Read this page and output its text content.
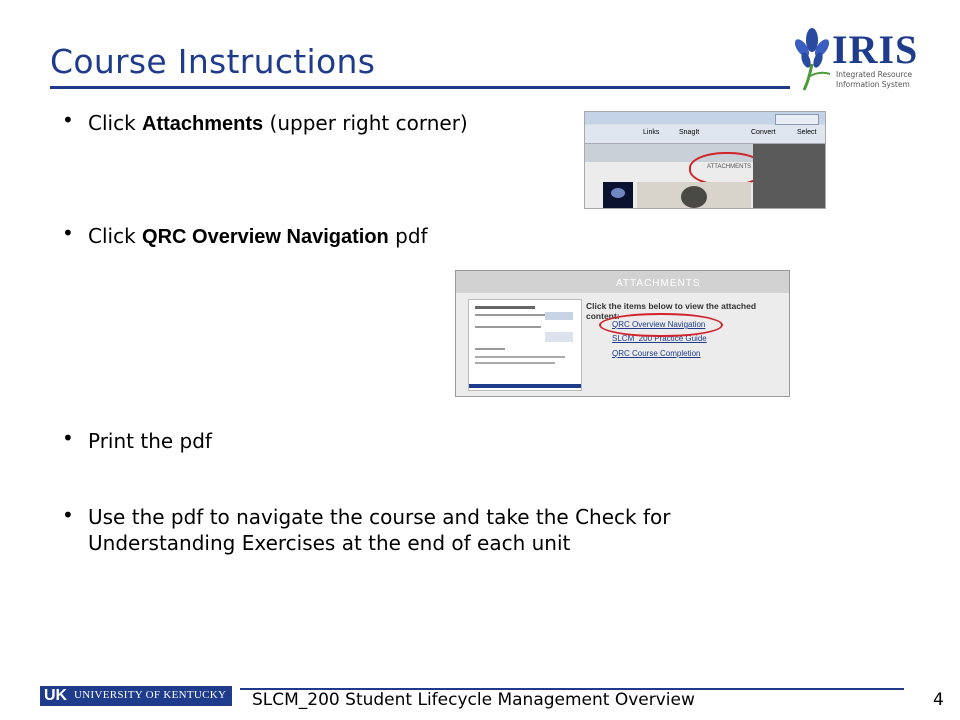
Course Instructions	IRIS
Integrated Resource
Information System
• Click Attachments (upper right corner)	Links	SnagIt	Convert	Select
ATTACHMENTS
• Click QRC Overview Navigation pdf
ATTACHMENTS
Click the items below to view the attached content:
QRC Overview Navigation
SLCM_200 Practice Guide
QRC Course Completion
• Print the pdf
• Use the pdf to navigate the course and take the Check for Understanding Exercises at the end of each unit
UK UNIVERSITY OF KENTUCKY SLCM_200 Student Lifecycle Management Overview	4
